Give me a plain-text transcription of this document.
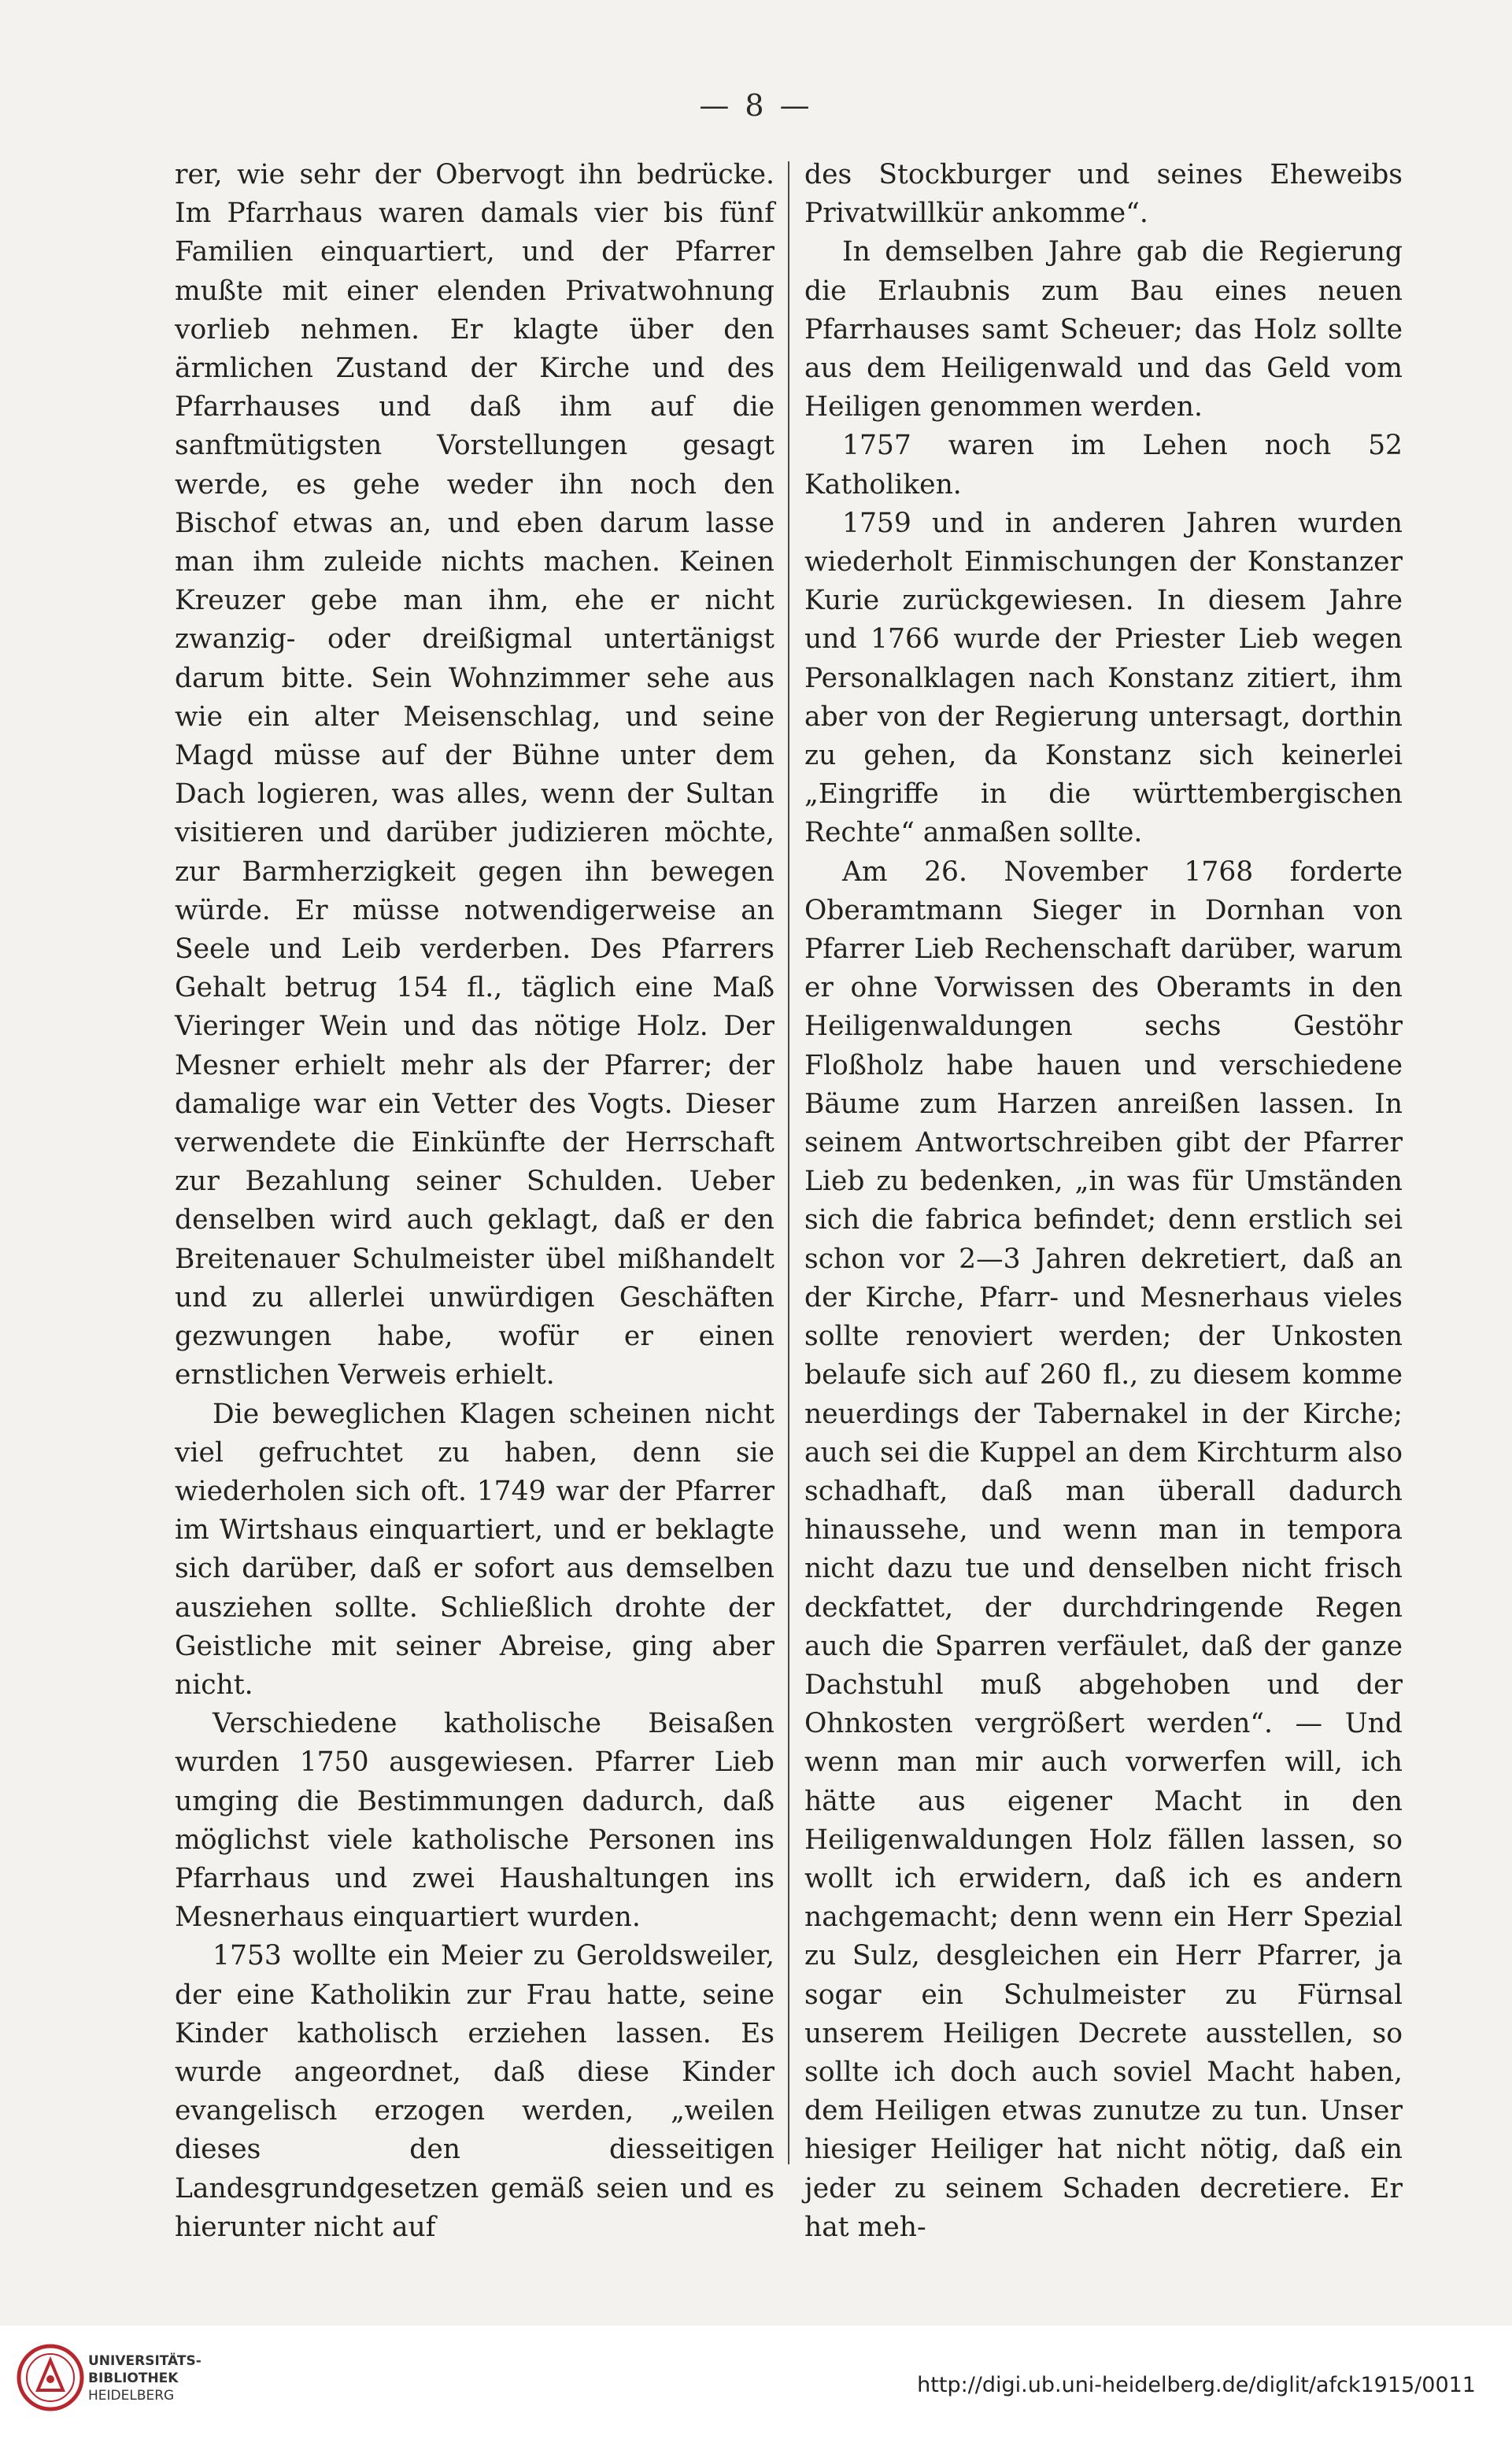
— 8 —

rer, wie sehr der Obervogt ihn bedrücke. Im Pfarrhaus waren damals vier bis fünf Familien einquartiert, und der Pfarrer mußte mit einer elenden Privatwohnung vorlieb nehmen. Er klagte über den ärmlichen Zustand der Kirche und des Pfarrhauses und daß ihm auf die sanftmütigsten Vorstellungen gesagt werde, es gehe weder ihn noch den Bischof etwas an, und eben darum lasse man ihm zuleide nichts machen. Keinen Kreuzer gebe man ihm, ehe er nicht zwanzig- oder dreißigmal untertänigst darum bitte. Sein Wohnzimmer sehe aus wie ein alter Meisenschlag, und seine Magd müsse auf der Bühne unter dem Dach logieren, was alles, wenn der Sultan visitieren und darüber judizieren möchte, zur Barmherzigkeit gegen ihn bewegen würde. Er müsse notwendigerweise an Seele und Leib verderben. Des Pfarrers Gehalt betrug 154 fl., täglich eine Maß Vieringer Wein und das nötige Holz. Der Mesner erhielt mehr als der Pfarrer; der damalige war ein Vetter des Vogts. Dieser verwendete die Einkünfte der Herrschaft zur Bezahlung seiner Schulden. Ueber denselben wird auch geklagt, daß er den Breitenauer Schulmeister übel mißhandelt und zu allerlei unwürdigen Geschäften gezwungen habe, wofür er einen ernstlichen Verweis erhielt.

Die beweglichen Klagen scheinen nicht viel gefruchtet zu haben, denn sie wiederholen sich oft. 1749 war der Pfarrer im Wirtshaus einquartiert, und er beklagte sich darüber, daß er sofort aus demselben ausziehen sollte. Schließlich drohte der Geistliche mit seiner Abreise, ging aber nicht.

Verschiedene katholische Beisaßen wurden 1750 ausgewiesen. Pfarrer Lieb umging die Bestimmungen dadurch, daß möglichst viele katholische Personen ins Pfarrhaus und zwei Haushaltungen ins Mesnerhaus einquartiert wurden.

1753 wollte ein Meier zu Geroldsweiler, der eine Katholikin zur Frau hatte, seine Kinder katholisch erziehen lassen. Es wurde angeordnet, daß diese Kinder evangelisch erzogen werden, „weilen dieses den diesseitigen Landesgrundgesetzen gemäß seien und es hierunter nicht auf

des Stockburger und seines Eheweibs Privatwillkür ankomme“.

In demselben Jahre gab die Regierung die Erlaubnis zum Bau eines neuen Pfarrhauses samt Scheuer; das Holz sollte aus dem Heiligenwald und das Geld vom Heiligen genommen werden.

1757 waren im Lehen noch 52 Katholiken.

1759 und in anderen Jahren wurden wiederholt Einmischungen der Konstanzer Kurie zurückgewiesen. In diesem Jahre und 1766 wurde der Priester Lieb wegen Personalklagen nach Konstanz zitiert, ihm aber von der Regierung untersagt, dorthin zu gehen, da Konstanz sich keinerlei „Eingriffe in die württembergischen Rechte“ anmaßen sollte.

Am 26. November 1768 forderte Oberamtmann Sieger in Dornhan von Pfarrer Lieb Rechenschaft darüber, warum er ohne Vorwissen des Oberamts in den Heiligenwaldungen sechs Gestöhr Floßholz habe hauen und verschiedene Bäume zum Harzen anreißen lassen. In seinem Antwortschreiben gibt der Pfarrer Lieb zu bedenken, „in was für Umständen sich die fabrica befindet; denn erstlich sei schon vor 2—3 Jahren dekretiert, daß an der Kirche, Pfarr- und Mesnerhaus vieles sollte renoviert werden; der Unkosten belaufe sich auf 260 fl., zu diesem komme neuerdings der Tabernakel in der Kirche; auch sei die Kuppel an dem Kirchturm also schadhaft, daß man überall dadurch hinaussehe, und wenn man in tempora nicht dazu tue und denselben nicht frisch deckfattet, der durchdringende Regen auch die Sparren verfäulet, daß der ganze Dachstuhl muß abgehoben und der Ohnkosten vergrößert werden“. — Und wenn man mir auch vorwerfen will, ich hätte aus eigener Macht in den Heiligenwaldungen Holz fällen lassen, so wollt ich erwidern, daß ich es andern nachgemacht; denn wenn ein Herr Spezial zu Sulz, desgleichen ein Herr Pfarrer, ja sogar ein Schulmeister zu Fürnsal unserem Heiligen Decrete ausstellen, so sollte ich doch auch soviel Macht haben, dem Heiligen etwas zunutze zu tun. Unser hiesiger Heiliger hat nicht nötig, daß ein jeder zu seinem Schaden decretiere. Er hat meh-

UNIVERSITÄTS-
BIBLIOTHEK
HEIDELBERG	http://digi.ub.uni-heidelberg.de/diglit/afck1915/0011
